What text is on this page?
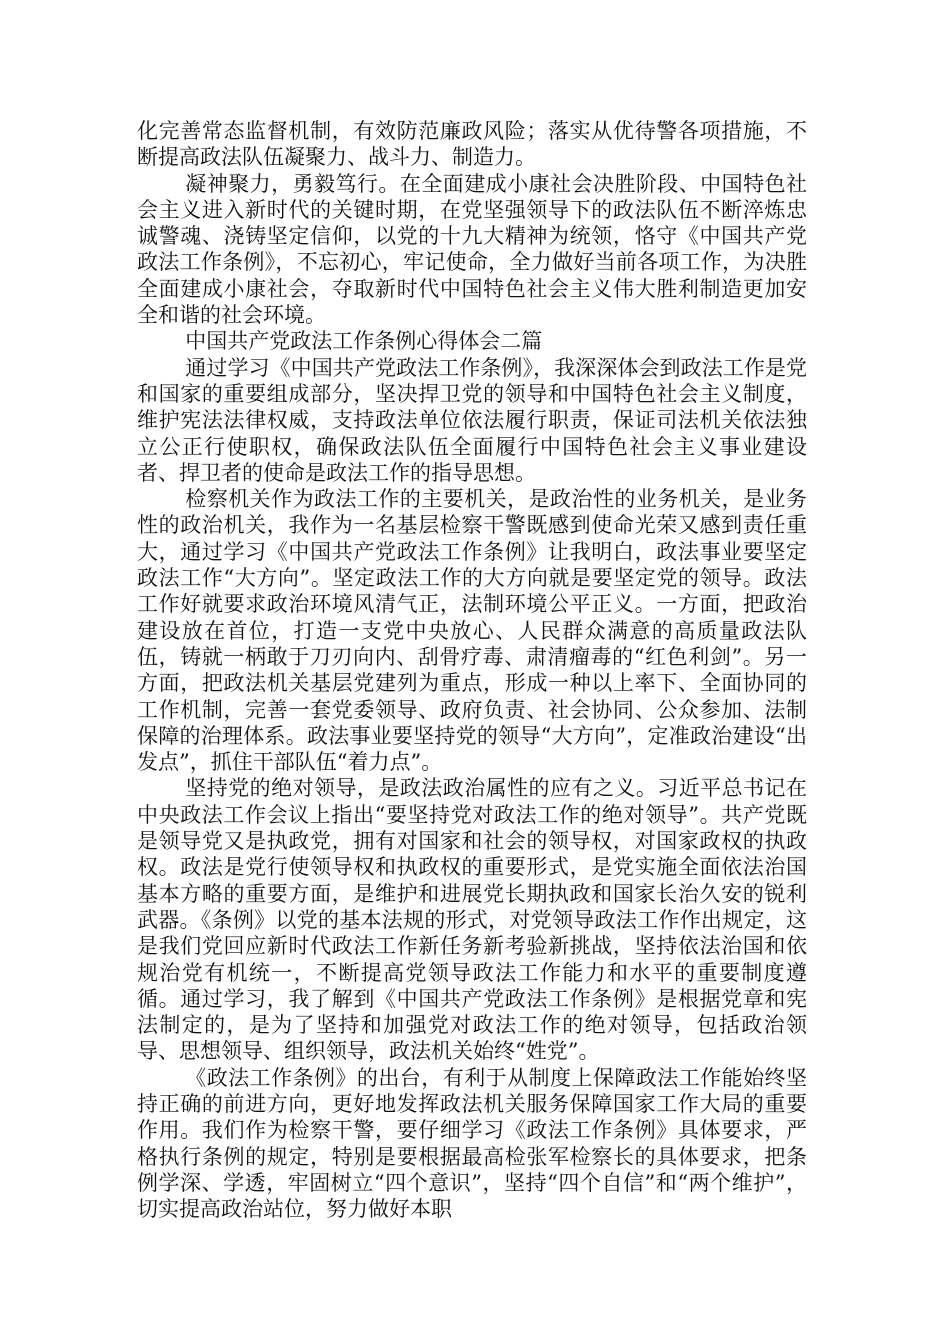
化完善常态监督机制，有效防范廉政风险；落实从优待警各项措施，不断提高政法队伍凝聚力、战斗力、制造力。

凝神聚力，勇毅笃行。在全面建成小康社会决胜阶段、中国特色社会主义进入新时代的关键时期，在党坚强领导下的政法队伍不断淬炼忠诚警魂、浇铸坚定信仰，以党的十九大精神为统领，恪守《中国共产党政法工作条例》，不忘初心，牢记使命，全力做好当前各项工作，为决胜全面建成小康社会，夺取新时代中国特色社会主义伟大胜利制造更加安全和谐的社会环境。

中国共产党政法工作条例心得体会二篇

通过学习《中国共产党政法工作条例》，我深深体会到政法工作是党和国家的重要组成部分，坚决捍卫党的领导和中国特色社会主义制度，维护宪法法律权威，支持政法单位依法履行职责，保证司法机关依法独立公正行使职权，确保政法队伍全面履行中国特色社会主义事业建设者、捍卫者的使命是政法工作的指导思想。

检察机关作为政法工作的主要机关，是政治性的业务机关，是业务性的政治机关，我作为一名基层检察干警既感到使命光荣又感到责任重大，通过学习《中国共产党政法工作条例》让我明白，政法事业要坚定政法工作“大方向”。坚定政法工作的大方向就是要坚定党的领导。政法工作好就要求政治环境风清气正，法制环境公平正义。一方面，把政治建设放在首位，打造一支党中央放心、人民群众满意的高质量政法队伍，铸就一柄敢于刀刃向内、刮骨疗毒、肃清瘤毒的“红色利剑”。另一方面，把政法机关基层党建列为重点，形成一种以上率下、全面协同的工作机制，完善一套党委领导、政府负责、社会协同、公众参加、法制保障的治理体系。政法事业要坚持党的领导“大方向”，定准政治建设“出发点”，抓住干部队伍“着力点”。

坚持党的绝对领导，是政法政治属性的应有之义。习近平总书记在中央政法工作会议上指出“要坚持党对政法工作的绝对领导”。共产党既是领导党又是执政党，拥有对国家和社会的领导权，对国家政权的执政权。政法是党行使领导权和执政权的重要形式，是党实施全面依法治国基本方略的重要方面，是维护和进展党长期执政和国家长治久安的锐利武器。《条例》以党的基本法规的形式，对党领导政法工作作出规定，这是我们党回应新时代政法工作新任务新考验新挑战，坚持依法治国和依规治党有机统一，不断提高党领导政法工作能力和水平的重要制度遵循。通过学习，我了解到《中国共产党政法工作条例》是根据党章和宪法制定的，是为了坚持和加强党对政法工作的绝对领导，包括政治领导、思想领导、组织领导，政法机关始终“姓党”。

《政法工作条例》的出台，有利于从制度上保障政法工作能始终坚持正确的前进方向，更好地发挥政法机关服务保障国家工作大局的重要作用。我们作为检察干警，要仔细学习《政法工作条例》具体要求，严格执行条例的规定，特别是要根据最高检张军检察长的具体要求，把条例学深、学透，牢固树立“四个意识”，坚持“四个自信”和“两个维护”，切实提高政治站位，努力做好本职
